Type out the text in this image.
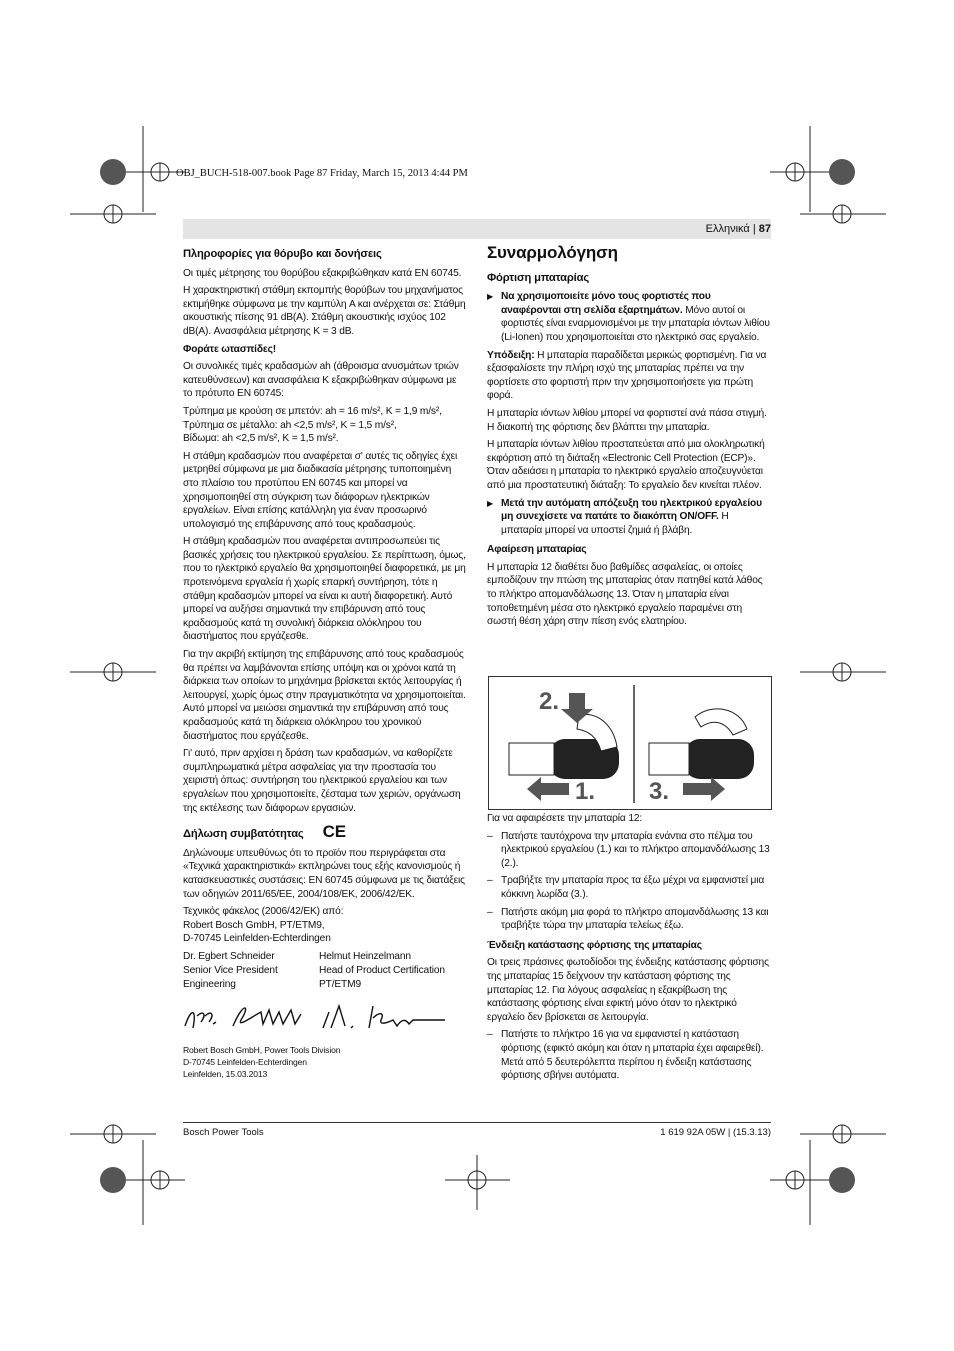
OBJ_BUCH-518-007.book Page 87 Friday, March 15, 2013 4:44 PM
Ελληνικά | 87
Πληροφορίες για θόρυβο και δονήσεις

Οι τιμές μέτρησης του θορύβου εξακριβώθηκαν κατά EN 60745.

Η χαρακτηριστική στάθμη εκπομπής θορύβων του μηχανήματος εκτιμήθηκε σύμφωνα με την καμπύλη A και ανέρχεται σε: Στάθμη ακουστικής πίεσης 91 dB(A). Στάθμη ακουστικής ισχύος 102 dB(A). Ανασφάλεια μέτρησης K = 3 dB.

Φοράτε ωτασπίδες!

Οι συνολικές τιμές κραδασμών ah (άθροισμα ανυσμάτων τριών κατευθύνσεων) και ανασφάλεια K εξακριβώθηκαν σύμφωνα με το πρότυπο EN 60745:

Τρύπημα με κρούση σε μπετόν: ah = 16 m/s², K = 1,9 m/s²,

Τρύπημα σε μέταλλο: ah <2,5 m/s², K = 1,5 m/s²,

Βίδωμα: ah <2,5 m/s², K = 1,5 m/s².

Η στάθμη κραδασμών που αναφέρεται σ' αυτές τις οδηγίες έχει μετρηθεί σύμφωνα με μια διαδικασία μέτρησης τυποποιημένη στο πλαίσιο του προτύπου EN 60745 και μπορεί να χρησιμοποιηθεί στη σύγκριση των διάφορων ηλεκτρικών εργαλείων. Είναι επίσης κατάλληλη για έναν προσωρινό υπολογισμό της επιβάρυνσης από τους κραδασμούς.

Η στάθμη κραδασμών που αναφέρεται αντιπροσωπεύει τις βασικές χρήσεις του ηλεκτρικού εργαλείου. Σε περίπτωση, όμως, που το ηλεκτρικό εργαλείο θα χρησιμοποιηθεί διαφορετικά, με μη προτεινόμενα εργαλεία ή χωρίς επαρκή συντήρηση, τότε η στάθμη κραδασμών μπορεί να είναι κι αυτή διαφορετική. Αυτό μπορεί να αυξήσει σημαντικά την επιβάρυνση από τους κραδασμούς κατά τη συνολική διάρκεια ολόκληρου του διαστήματος που εργάζεσθε.

Για την ακριβή εκτίμηση της επιβάρυνσης από τους κραδασμούς θα πρέπει να λαμβάνονται επίσης υπόψη και οι χρόνοι κατά τη διάρκεια των οποίων το μηχάνημα βρίσκεται εκτός λειτουργίας ή λειτουργεί, χωρίς όμως στην πραγματικότητα να χρησιμοποιείται. Αυτό μπορεί να μειώσει σημαντικά την επιβάρυνση από τους κραδασμούς κατά τη διάρκεια ολόκληρου του χρονικού διαστήματος που εργάζεσθε.

Γι' αυτό, πριν αρχίσει η δράση των κραδασμών, να καθορίζετε συμπληρωματικά μέτρα ασφαλείας για την προστασία του χειριστή όπως: συντήρηση του ηλεκτρικού εργαλείου και των εργαλείων που χρησιμοποιείτε, ζέσταμα των χεριών, οργάνωση της εκτέλεσης των διάφορων εργασιών.

Δήλωση συμβατότητας CE

Δηλώνουμε υπευθύνως ότι το προϊόν που περιγράφεται στα «Τεχνικά χαρακτηριστικά» εκπληρώνει τους εξής κανονισμούς ή κατασκευαστικές συστάσεις: EN 60745 σύμφωνα με τις διατάξεις των οδηγιών 2011/65/ΕΕ, 2004/108/ΕΚ, 2006/42/ΕΚ.

Τεχνικός φάκελος (2006/42/ΕΚ) από:

Robert Bosch GmbH, PT/ETM9,

D-70745 Leinfelden-Echterdingen

Dr. Egbert Schneider
Senior Vice President
Engineering

Helmut Heinzelmann
Head of Product Certification
PT/ETM9
Robert Bosch GmbH, Power Tools Division
D-70745 Leinfelden-Echterdingen
Leinfelden, 15.03.2013
Συναρμολόγηση
Φόρτιση μπαταρίας

▶ Να χρησιμοποιείτε μόνο τους φορτιστές που αναφέρονται στη σελίδα εξαρτημάτων. Μόνο αυτοί οι φορτιστές είναι εναρμονισμένοι με την μπαταρία ιόντων λιθίου (Li-Ionen) που χρησιμοποιείται στο ηλεκτρικό σας εργαλείο.

Υπόδειξη: Η μπαταρία παραδίδεται μερικώς φορτισμένη. Για να εξασφαλίσετε την πλήρη ισχύ της μπαταρίας πρέπει να την φορτίσετε στο φορτιστή πριν την χρησιμοποιήσετε για πρώτη φορά.

Η μπαταρία ιόντων λιθίου μπορεί να φορτιστεί ανά πάσα στιγμή. Η διακοπή της φόρτισης δεν βλάπτει την μπαταρία.

Η μπαταρία ιόντων λιθίου προστατεύεται από μια ολοκληρωτική εκφόρτιση από τη διάταξη «Electronic Cell Protection (ECP)». Όταν αδειάσει η μπαταρία το ηλεκτρικό εργαλείο αποζευγνύεται από μια προστατευτική διάταξη: Το εργαλείο δεν κινείται πλέον.

▶ Μετά την αυτόματη απόζευξη του ηλεκτρικού εργαλείου μη συνεχίσετε να πατάτε το διακόπτη ON/OFF. Η μπαταρία μπορεί να υποστεί ζημιά ή βλάβη.

Αφαίρεση μπαταρίας

Η μπαταρία 12 διαθέτει δυο βαθμίδες ασφαλείας, οι οποίες εμποδίζουν την πτώση της μπαταρίας όταν πατηθεί κατά λάθος το πλήκτρο απομανδάλωσης 13. Όταν η μπαταρία είναι τοποθετημένη μέσα στο ηλεκτρικό εργαλείο παραμένει στη σωστή θέση χάρη στην πίεση ενός ελατηρίου.

2.
1. 3.

Για να αφαιρέσετε την μπαταρία 12:

– Πατήστε ταυτόχρονα την μπαταρία ενάντια στο πέλμα του ηλεκτρικού εργαλείου (1.) και το πλήκτρο απομανδάλωσης 13 (2.).

– Τραβήξτε την μπαταρία προς τα έξω μέχρι να εμφανιστεί μια κόκκινη λωρίδα (3.).

– Πατήστε ακόμη μια φορά το πλήκτρο απομανδάλωσης 13 και τραβήξτε τώρα την μπαταρία τελείως έξω.

Ένδειξη κατάστασης φόρτισης της μπαταρίας

Οι τρεις πράσινες φωτοδίοδοι της ένδειξης κατάστασης φόρτισης της μπαταρίας 15 δείχνουν την κατάσταση φόρτισης της μπαταρίας 12. Για λόγους ασφαλείας η εξακρίβωση της κατάστασης φόρτισης είναι εφικτή μόνο όταν το ηλεκτρικό εργαλείο δεν βρίσκεται σε λειτουργία.

– Πατήστε το πλήκτρο 16 για να εμφανιστεί η κατάσταση φόρτισης (εφικτό ακόμη και όταν η μπαταρία έχει αφαιρεθεί). Μετά από 5 δευτερόλεπτα περίπου η ένδειξη κατάστασης φόρτισης σβήνει αυτόματα.

Bosch Power Tools	1 619 92A 05W | (15.3.13)
